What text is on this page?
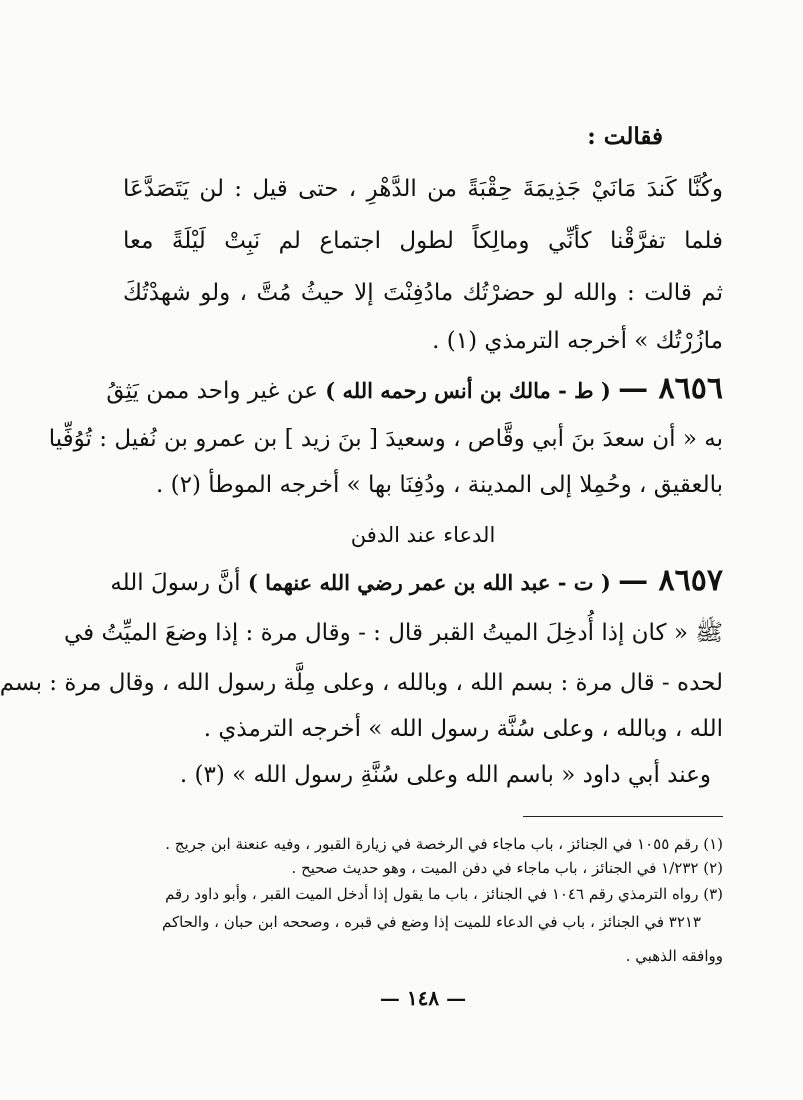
فقالت :
وكُنَّا كَندَ مَانَيْ جَذِيمَةَ حِقْبَةً من الدَّهْرِ ، حتى قيل : لن يَتَصَدَّعَا
فلما تفرَّقْنا كأنِّي ومالِكاً لطول اجتماع لم نَبِتْ لَيْلَةً معا
ثم قالت : والله لو حضرْتُك مادُفِنْتَ إلا حيثُ مُتَّ ، ولو شهدْتُكَ
مازُرْتُك » أخرجه الترمذي (١) .
٨٦٥٦ — ( ط - مالك بن أنس رحمه الله ) عن غير واحد ممن يَثِقُ
به « أن سعدَ بنَ أبي وقَّاص ، وسعيدَ [ بنَ زيد ] بن عمرو بن نُفيل : تُوُفِّيا
بالعقيق ، وحُمِلا إلى المدينة ، ودُفِنَا بها » أخرجه الموطأ (٢) .
الدعاء عند الدفن
٨٦٥٧ — ( ت - عبد الله بن عمر رضي الله عنهما ) أنَّ رسولَ الله
ﷺ « كان إذا أُدخِلَ الميتُ القبر قال : - وقال مرة : إذا وضعَ الميِّتُ في
لحده - قال مرة : بسم الله ، وبالله ، وعلى مِلَّة رسول الله ، وقال مرة : بسم
الله ، وبالله ، وعلى سُنَّة رسول الله » أخرجه الترمذي .
وعند أبي داود « باسم الله وعلى سُنَّةِ رسول الله » (٣) .
(١) رقم ١٠٥٥ في الجنائز ، باب ماجاء في الرخصة في زيارة القبور ، وفيه عنعنة ابن جريج .
(٢) ١/٢٣٢ في الجنائز ، باب ماجاء في دفن الميت ، وهو حديث صحيح .
(٣) رواه الترمذي رقم ١٠٤٦ في الجنائز ، باب ما يقول إذا أدخل الميت القبر ، وأبو داود رقم
٣٢١٣ في الجنائز ، باب في الدعاء للميت إذا وضع في قبره ، وصححه ابن حبان ، والحاكم
ووافقه الذهبي .
— ١٤٨ —
